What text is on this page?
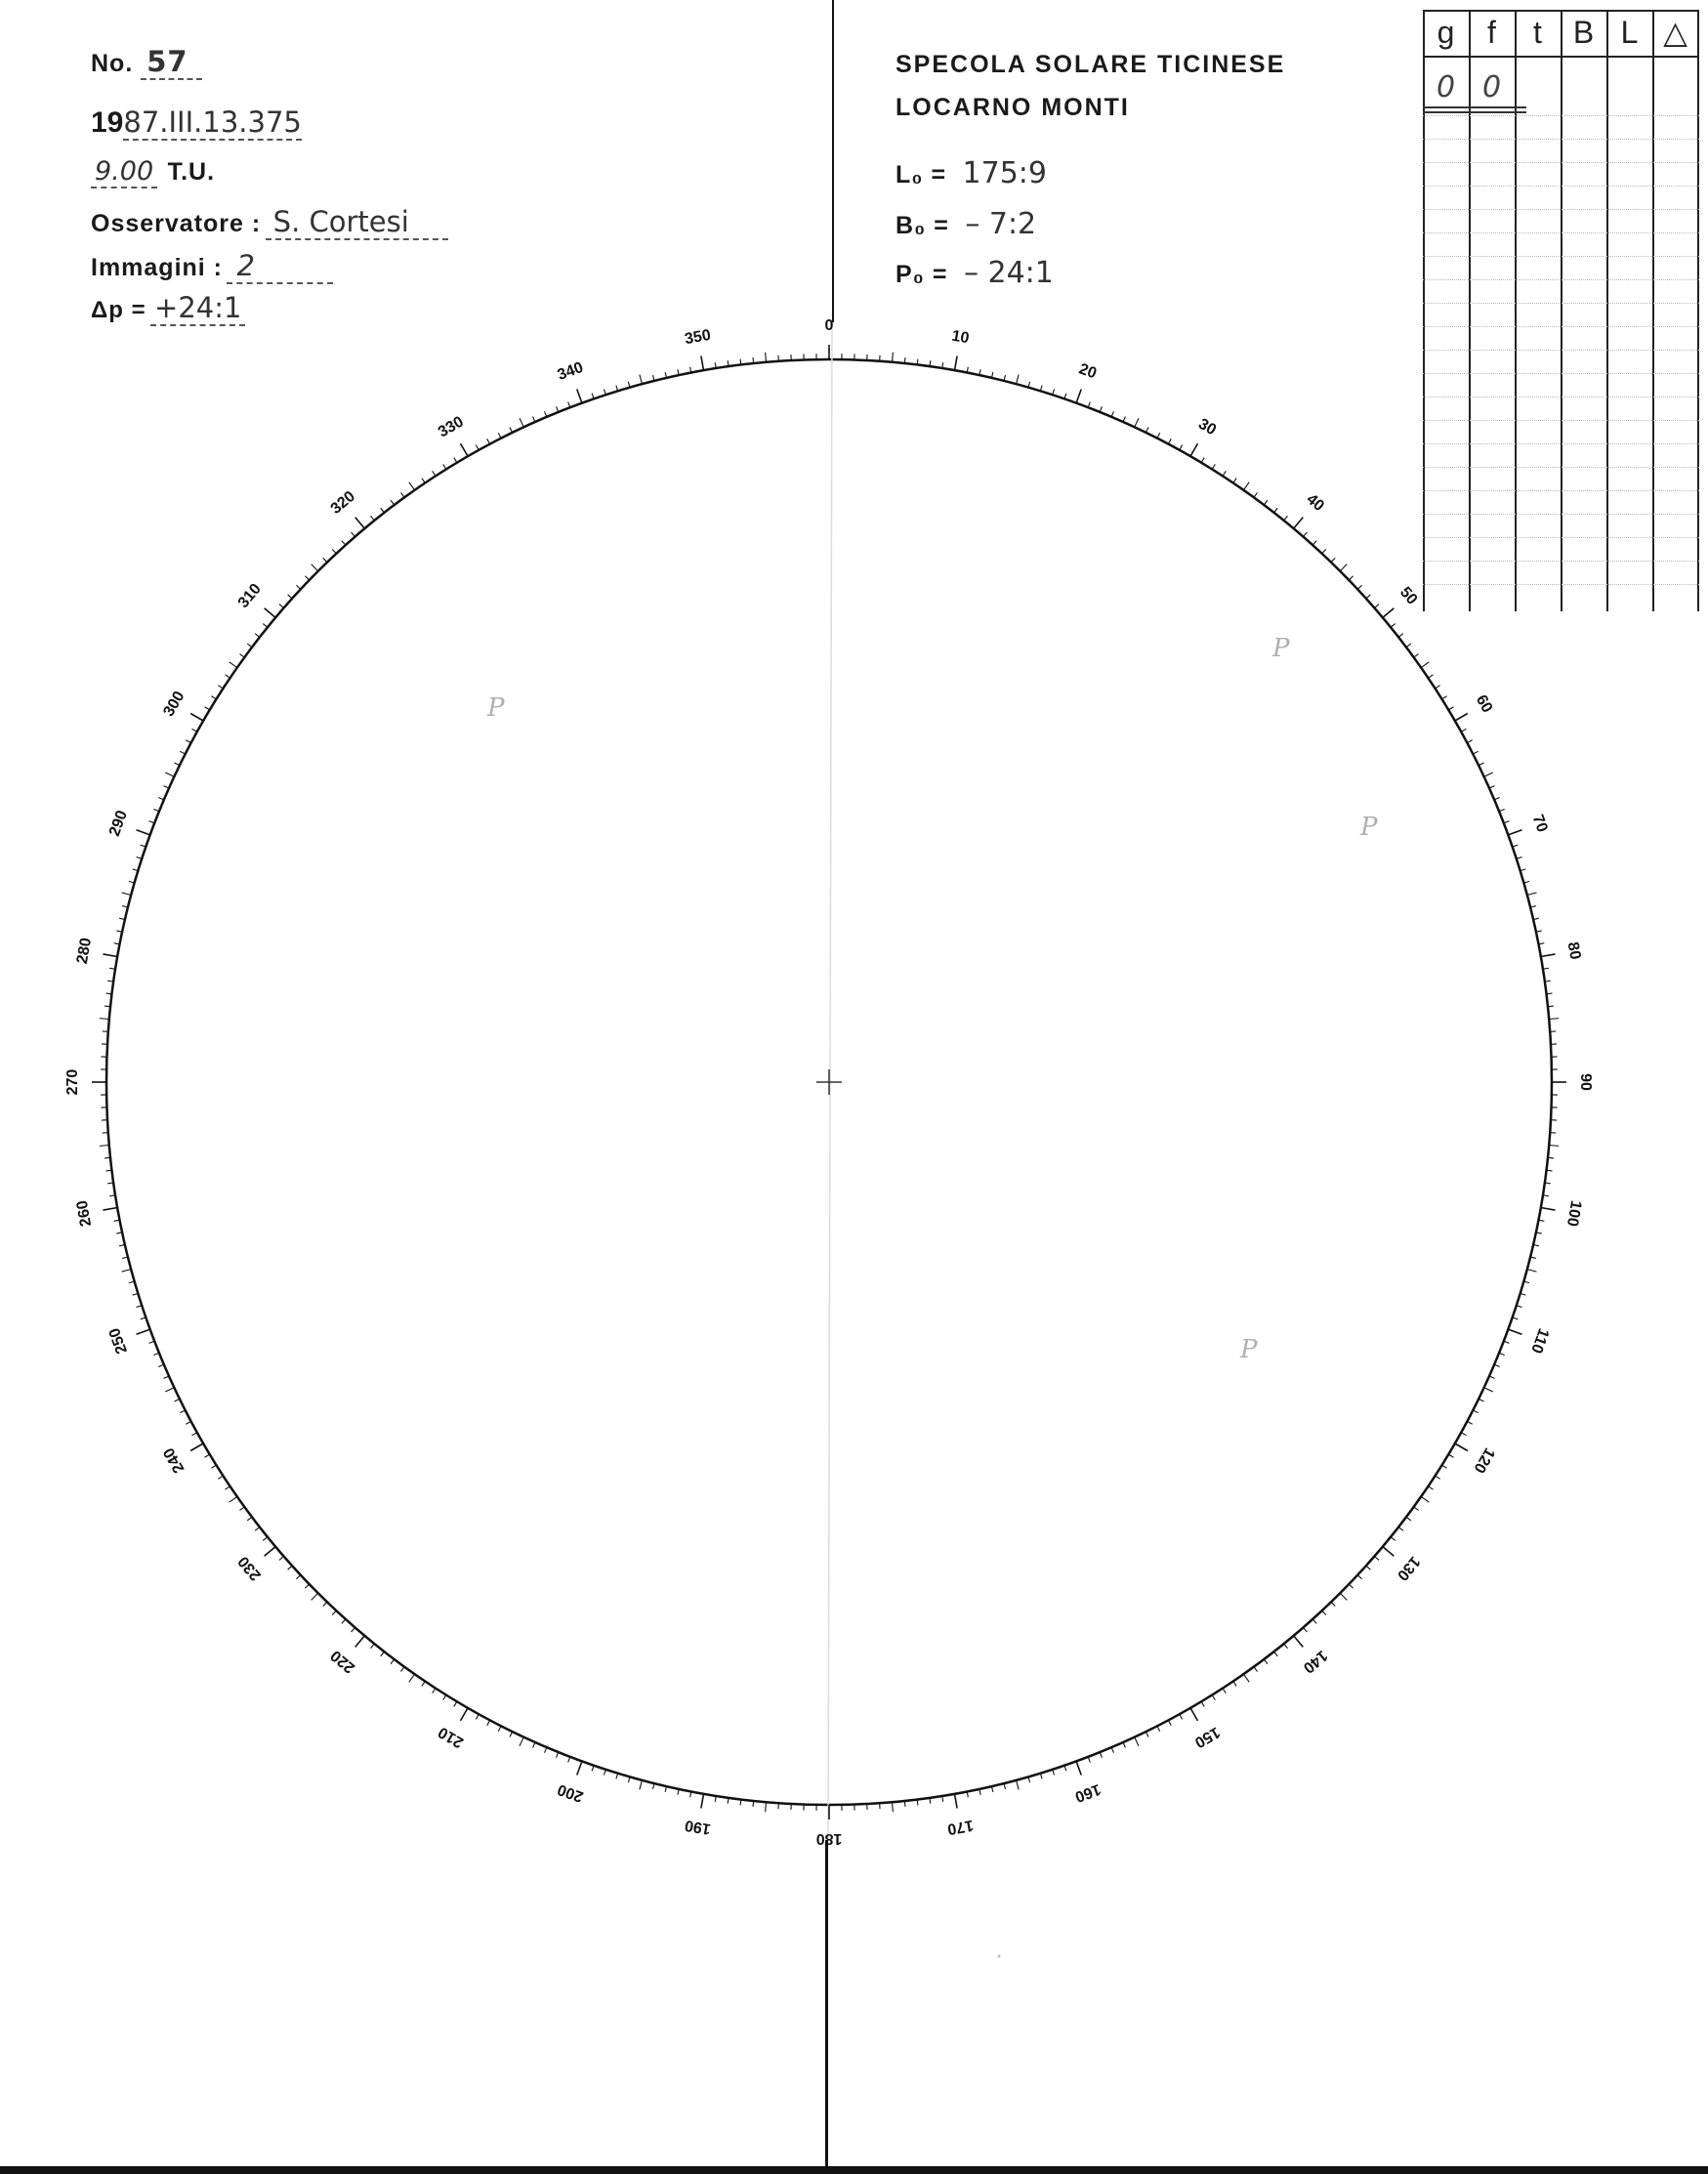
No. 57
1987.III.13.375
9.00 T.U.
Osservatore : S. Cortesi
Immagini : 2
Δp = +24:1
SPECOLA SOLARE TICINESE
LOCARNO MONTI
L₀ = 175:9
B₀ = – 7:2
P₀ = – 24:1
g	f	t B L △
0 0
0
10
20
30
40
50
60
70
80
90
100
110
120
130
140
150
160
170
180
190
200
210
220
230
240
250
260
270
280
290
300
310
320
330
340
350
P
P
P
P
